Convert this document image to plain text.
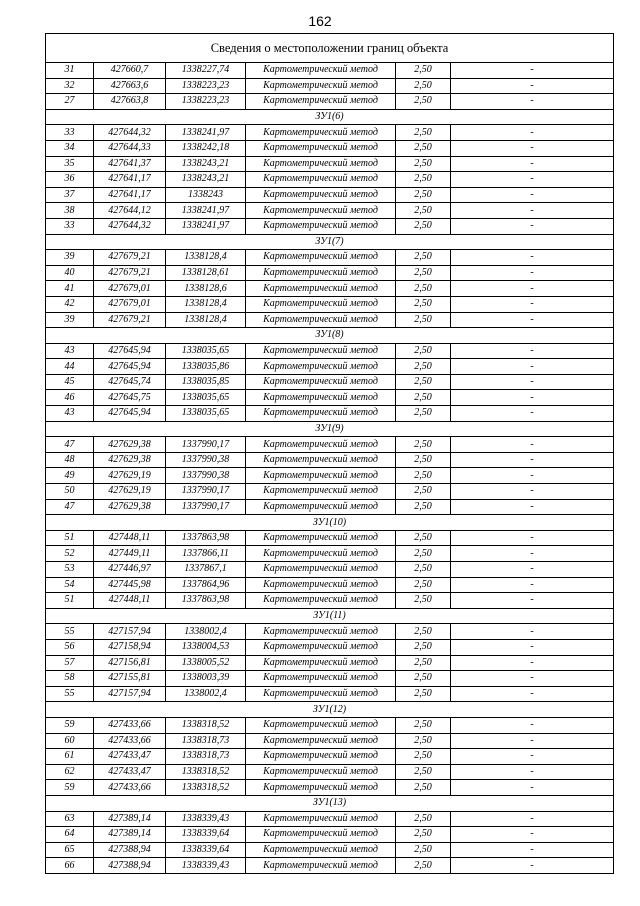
162
Сведения о местоположении границ объекта					
31	427660,7	1338227,74	Картометрический метод	2,50	-
32	427663,6	1338223,23	Картометрический метод	2,50	-
27	427663,8	1338223,23	Картометрический метод	2,50	-
ЗУ1(6)					
33	427644,32	1338241,97	Картометрический метод	2,50	-
34	427644,33	1338242,18	Картометрический метод	2,50	-
35	427641,37	1338243,21	Картометрический метод	2,50	-
36	427641,17	1338243,21	Картометрический метод	2,50	-
37	427641,17	1338243	Картометрический метод	2,50	-
38	427644,12	1338241,97	Картометрический метод	2,50	-
33	427644,32	1338241,97	Картометрический метод	2,50	-
ЗУ1(7)					
39	427679,21	1338128,4	Картометрический метод	2,50	-
40	427679,21	1338128,61	Картометрический метод	2,50	-
41	427679,01	1338128,6	Картометрический метод	2,50	-
42	427679,01	1338128,4	Картометрический метод	2,50	-
39	427679,21	1338128,4	Картометрический метод	2,50	-
ЗУ1(8)					
43	427645,94	1338035,65	Картометрический метод	2,50	-
44	427645,94	1338035,86	Картометрический метод	2,50	-
45	427645,74	1338035,85	Картометрический метод	2,50	-
46	427645,75	1338035,65	Картометрический метод	2,50	-
43	427645,94	1338035,65	Картометрический метод	2,50	-
ЗУ1(9)					
47	427629,38	1337990,17	Картометрический метод	2,50	-
48	427629,38	1337990,38	Картометрический метод	2,50	-
49	427629,19	1337990,38	Картометрический метод	2,50	-
50	427629,19	1337990,17	Картометрический метод	2,50	-
47	427629,38	1337990,17	Картометрический метод	2,50	-
ЗУ1(10)					
51	427448,11	1337863,98	Картометрический метод	2,50	-
52	427449,11	1337866,11	Картометрический метод	2,50	-
53	427446,97	1337867,1	Картометрический метод	2,50	-
54	427445,98	1337864,96	Картометрический метод	2,50	-
51	427448,11	1337863,98	Картометрический метод	2,50	-
ЗУ1(11)					
55	427157,94	1338002,4	Картометрический метод	2,50	-
56	427158,94	1338004,53	Картометрический метод	2,50	-
57	427156,81	1338005,52	Картометрический метод	2,50	-
58	427155,81	1338003,39	Картометрический метод	2,50	-
55	427157,94	1338002,4	Картометрический метод	2,50	-
ЗУ1(12)					
59	427433,66	1338318,52	Картометрический метод	2,50	-
60	427433,66	1338318,73	Картометрический метод	2,50	-
61	427433,47	1338318,73	Картометрический метод	2,50	-
62	427433,47	1338318,52	Картометрический метод	2,50	-
59	427433,66	1338318,52	Картометрический метод	2,50	-
ЗУ1(13)					
63	427389,14	1338339,43	Картометрический метод	2,50	-
64	427389,14	1338339,64	Картометрический метод	2,50	-
65	427388,94	1338339,64	Картометрический метод	2,50	-
66	427388,94	1338339,43	Картометрический метод	2,50	-
